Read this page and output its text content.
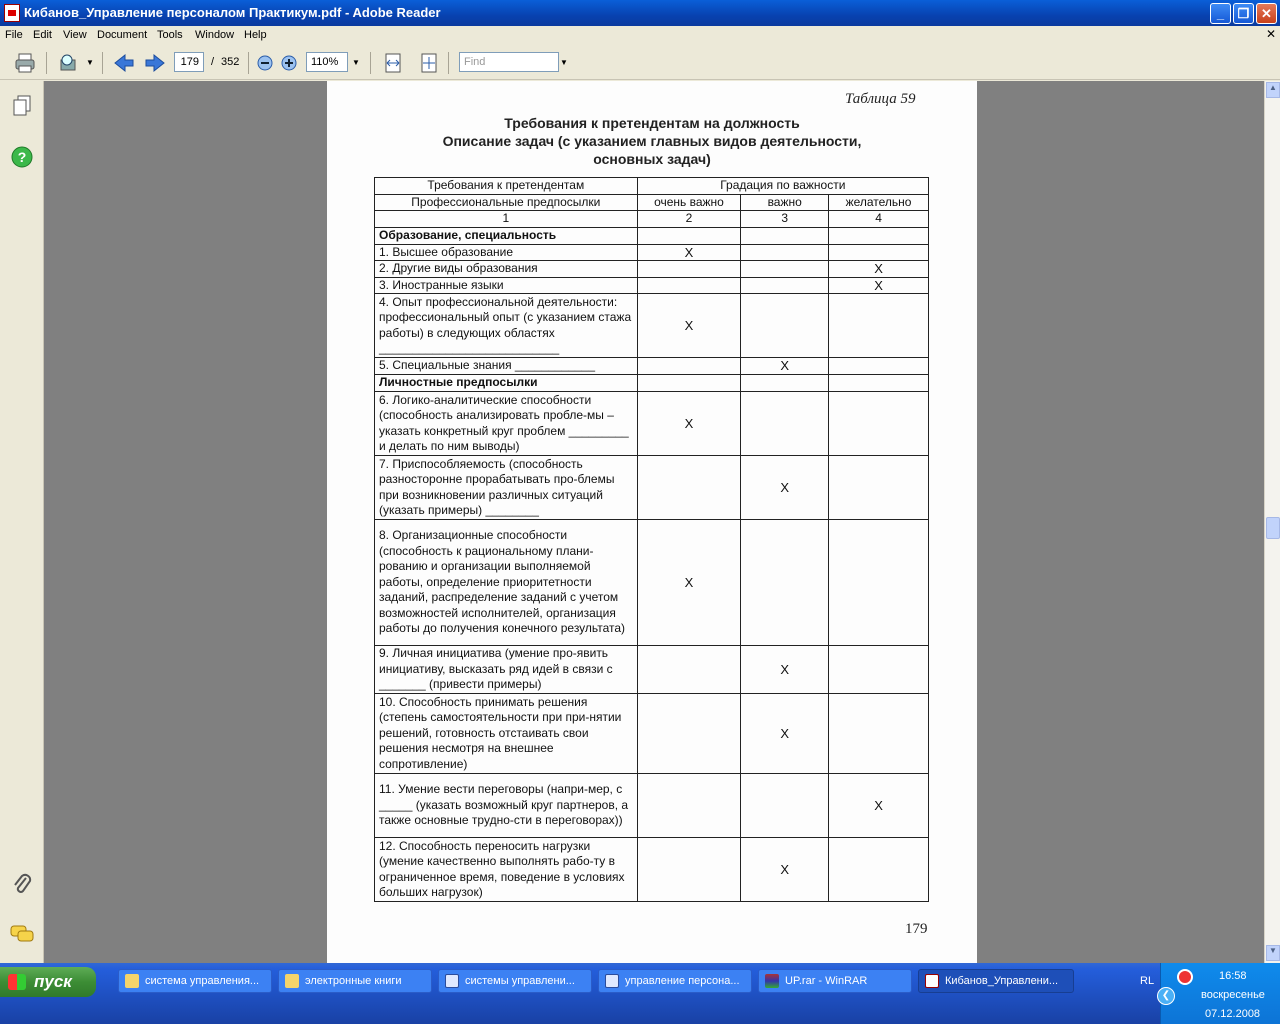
Кибанов_Управление персоналом Практикум.pdf - Adobe Reader	_	❐ ✕
File Edit View Document Tools Window Help	✕
▼	179	/ 352	110%	▼	Find	▼
?
Таблица 59
Требования к претендентам на должность
Описание задач (с указанием главных видов деятельности,
основных задач)
Требования к претендентам	Градация по важности		
Профессиональные предпосылки	очень важно	важно	желательно
1	2	3	4
Образование, специальность			
1. Высшее образование	Х		
2. Другие виды образования			Х
3. Иностранные языки			Х
4. Опыт профессиональной деятельности: профессиональный опыт (с указанием стажа работы) в следующих областях ___________________________	Х		
5. Специальные знания ____________		Х	
Личностные предпосылки			
6. Логико-аналитические способности (способность анализировать пробле-мы – указать конкретный круг проблем _________ и делать по ним выводы)	Х		
7. Приспособляемость (способность разносторонне прорабатывать про-блемы при возникновении различных ситуаций (указать примеры) ________		Х	
8. Организационные способности (способность к рациональному плани-рованию и организации выполняемой работы, определение приоритетности заданий, распределение заданий с учетом возможностей исполнителей, организация работы до получения конечного результата)	Х		
9. Личная инициатива (умение про-явить инициативу, высказать ряд идей в связи с _______ (привести примеры)		Х	
10. Способность принимать решения (степень самостоятельности при при-нятии решений, готовность отстаивать свои решения несмотря на внешнее сопротивление)		Х	
11. Умение вести переговоры (напри-мер, с _____ (указать возможный круг партнеров, а также основные трудно-сти в переговорах))			Х
12. Способность переносить нагрузки (умение качественно выполнять рабо-ту в ограниченное время, поведение в условиях больших нагрузок)		Х	
179
▲
▼
пуск	система управления...	электронные книги	системы управлени...	управление персона...	UP.rar - WinRAR	Кибанов_Управлени...	RL
❮
16:58
воскресенье
07.12.2008
